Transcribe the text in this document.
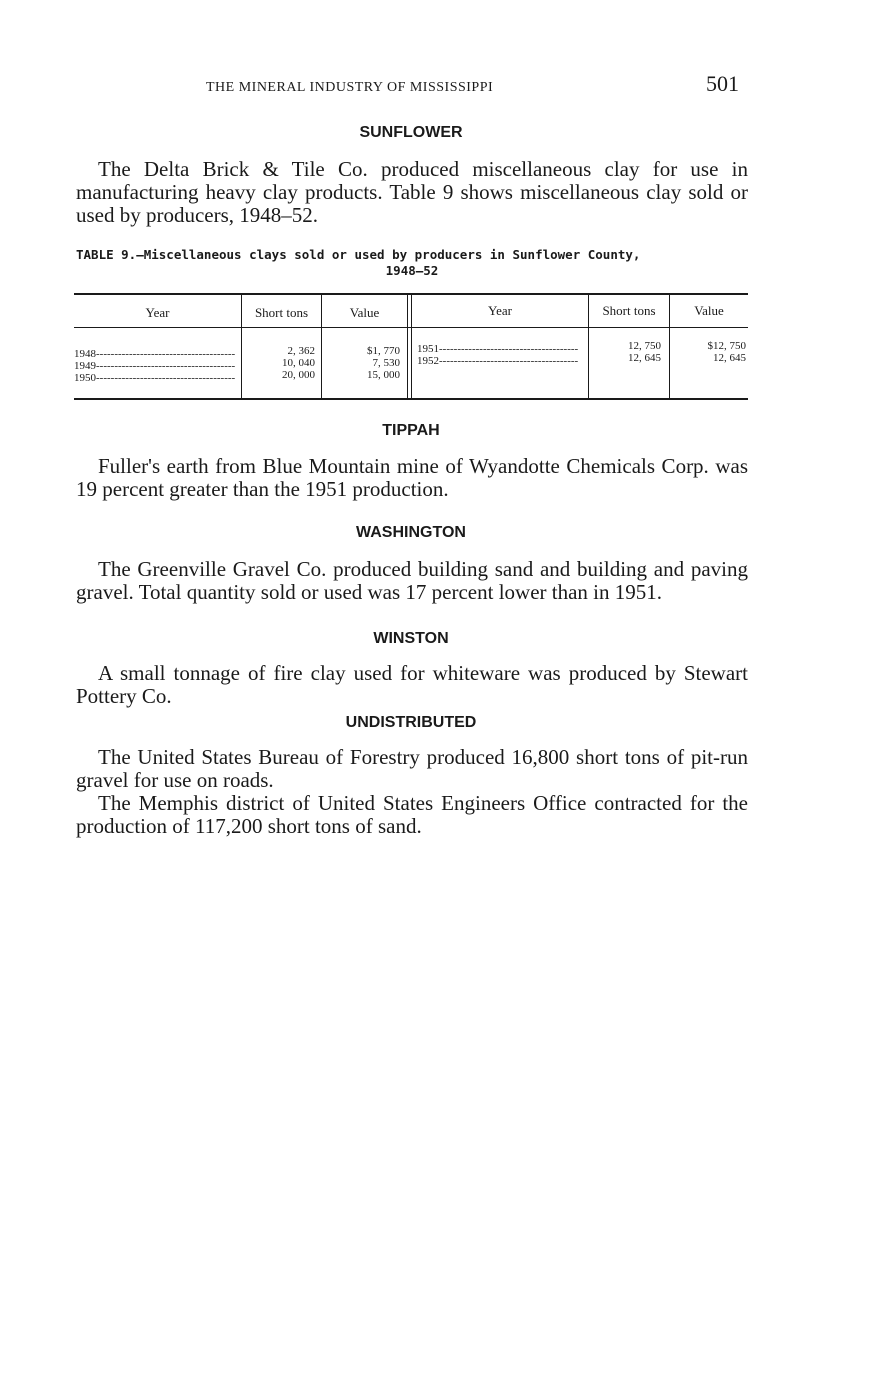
THE MINERAL INDUSTRY OF MISSISSIPPI	501
SUNFLOWER
The Delta Brick & Tile Co. produced miscellaneous clay for use in manufacturing heavy clay products. Table 9 shows miscellaneous clay sold or used by producers, 1948–52.
TABLE 9.—Miscellaneous clays sold or used by producers in Sunflower County,
1948–52
Year	Short tons	Value	Year	Short tons	Value
1948--------------------------------------	2, 362	$1, 770
1949--------------------------------------	10, 040	7, 530
1950--------------------------------------	20, 000	15, 000
1951--------------------------------------	12, 750	$12, 750
1952--------------------------------------	12, 645	12, 645
TIPPAH
Fuller's earth from Blue Mountain mine of Wyandotte Chemicals Corp. was 19 percent greater than the 1951 production.
WASHINGTON
The Greenville Gravel Co. produced building sand and building and paving gravel. Total quantity sold or used was 17 percent lower than in 1951.
WINSTON
A small tonnage of fire clay used for whiteware was produced by Stewart Pottery Co.
UNDISTRIBUTED
The United States Bureau of Forestry produced 16,800 short tons of pit-run gravel for use on roads.
The Memphis district of United States Engineers Office contracted for the production of 117,200 short tons of sand.
